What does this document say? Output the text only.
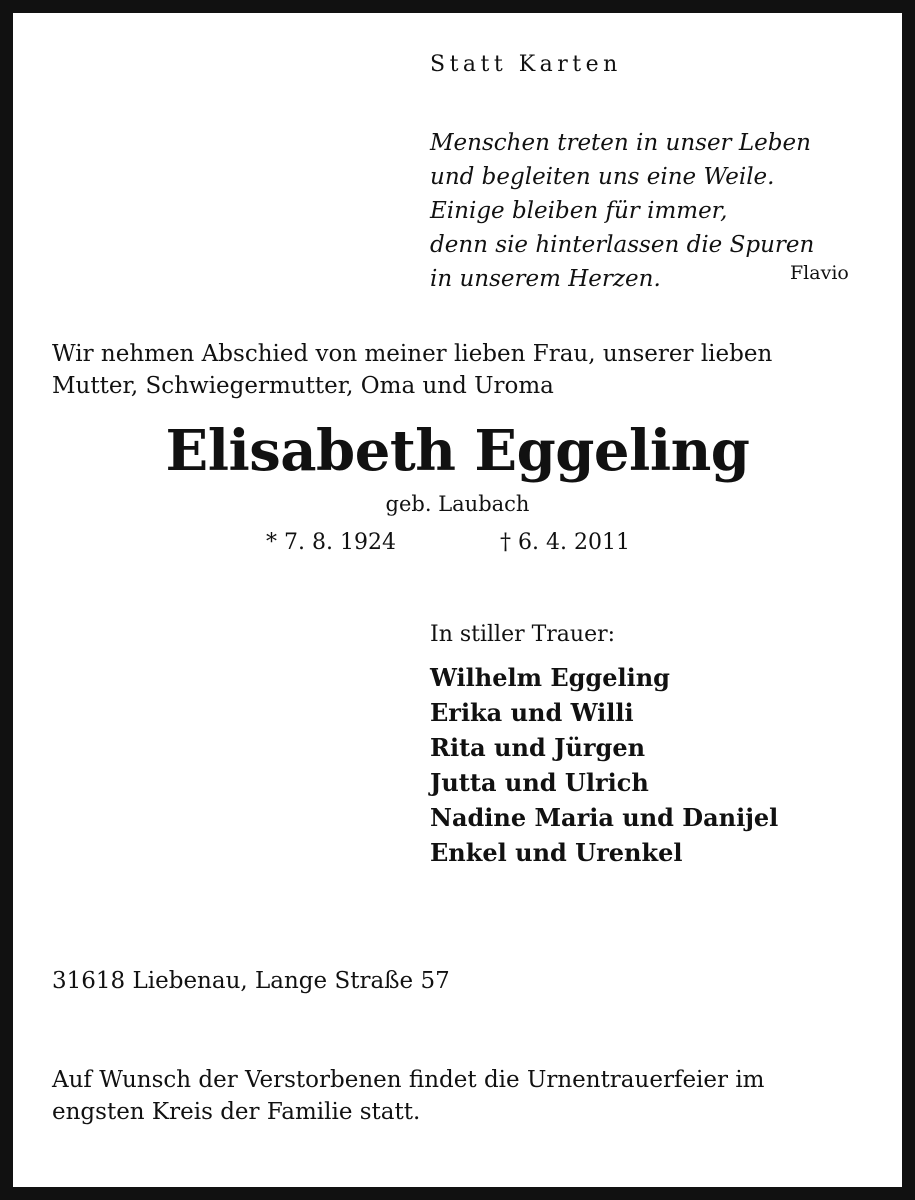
Statt Karten
Menschen treten in unser Leben
und begleiten uns eine Weile.
Einige bleiben für immer,
denn sie hinterlassen die Spuren
in unserem Herzen.	Flavio
Wir nehmen Abschied von meiner lieben Frau, unserer lieben
Mutter, Schwiegermutter, Oma und Uroma
Elisabeth Eggeling
geb. Laubach
* 7. 8. 1924	† 6. 4. 2011
In stiller Trauer:
Wilhelm Eggeling
Erika und Willi
Rita und Jürgen
Jutta und Ulrich
Nadine Maria und Danijel
Enkel und Urenkel
31618 Liebenau, Lange Straße 57
Auf Wunsch der Verstorbenen findet die Urnentrauerfeier im
engsten Kreis der Familie statt.
